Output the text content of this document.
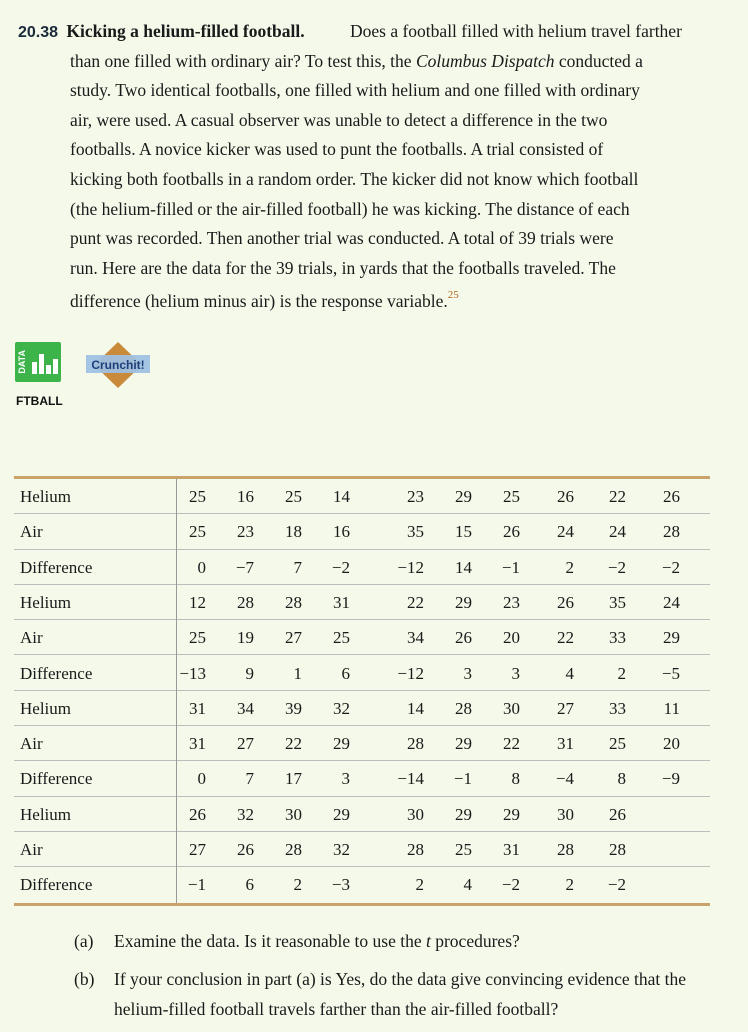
20.38 Kicking a helium-filled football.	Does a football filled with helium travel farther
than one filled with ordinary air? To test this, the Columbus Dispatch conducted a
study. Two identical footballs, one filled with helium and one filled with ordinary
air, were used. A casual observer was unable to detect a difference in the two
footballs. A novice kicker was used to punt the footballs. A trial consisted of
kicking both footballs in a random order. The kicker did not know which football
(the helium-filled or the air-filled football) he was kicking. The distance of each
punt was recorded. Then another trial was conducted. A total of 39 trials were
run. Here are the data for the 39 trials, in yards that the footballs traveled. The
difference (helium minus air) is the response variable.$^{25}$
DATA	Crunchit!
FTBALL
Helium	25	16	25	14	23	29	25	26	22	26
Air	25	23	18	16	35	15	26	24	24	28
Difference	0	−7	7	−2	−12	14	−1	2	−2	−2
Helium	12	28	28	31	22	29	23	26	35	24
Air	25	19	27	25	34	26	20	22	33	29
Difference	−13	9	1	6	−12	3	3	4	2	−5
Helium	31	34	39	32	14	28	30	27	33	11
Air	31	27	22	29	28	29	22	31	25	20
Difference	0	7	17	3	−14	−1	8	−4	8	−9
Helium	26	32	30	29	30	29	29	30	26
Air	27	26	28	32	28	25	31	28	28
Difference	−1	6	2	−3	2	4	−2	2	−2
(a) Examine the data. Is it reasonable to use the t procedures?
(b) If your conclusion in part (a) is Yes, do the data give convincing evidence that the helium-filled football travels farther than the air-filled football?
